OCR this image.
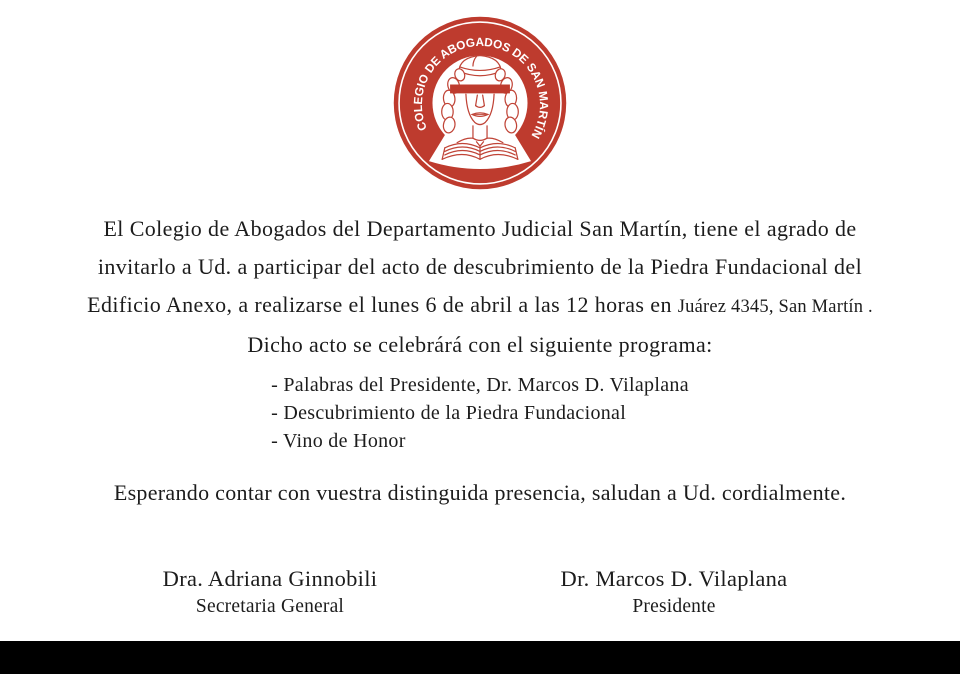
COLEGIO DE ABOGADOS DE SAN MARTÍN
El Colegio de Abogados del Departamento Judicial San Martín, tiene el agrado de
invitarlo a Ud. a participar del acto de descubrimiento de la Piedra Fundacional del
Edificio Anexo, a realizarse el lunes 6 de abril a las 12 horas en Juárez 4345, San Martín .
Dicho acto se celebrárá con el siguiente programa:
- Palabras del Presidente, Dr. Marcos D. Vilaplana
- Descubrimiento de la Piedra Fundacional
- Vino de Honor
Esperando contar con vuestra distinguida presencia, saludan a Ud. cordialmente.
Dra. Adriana Ginnobili
Secretaria General
Dr. Marcos D. Vilaplana
Presidente
